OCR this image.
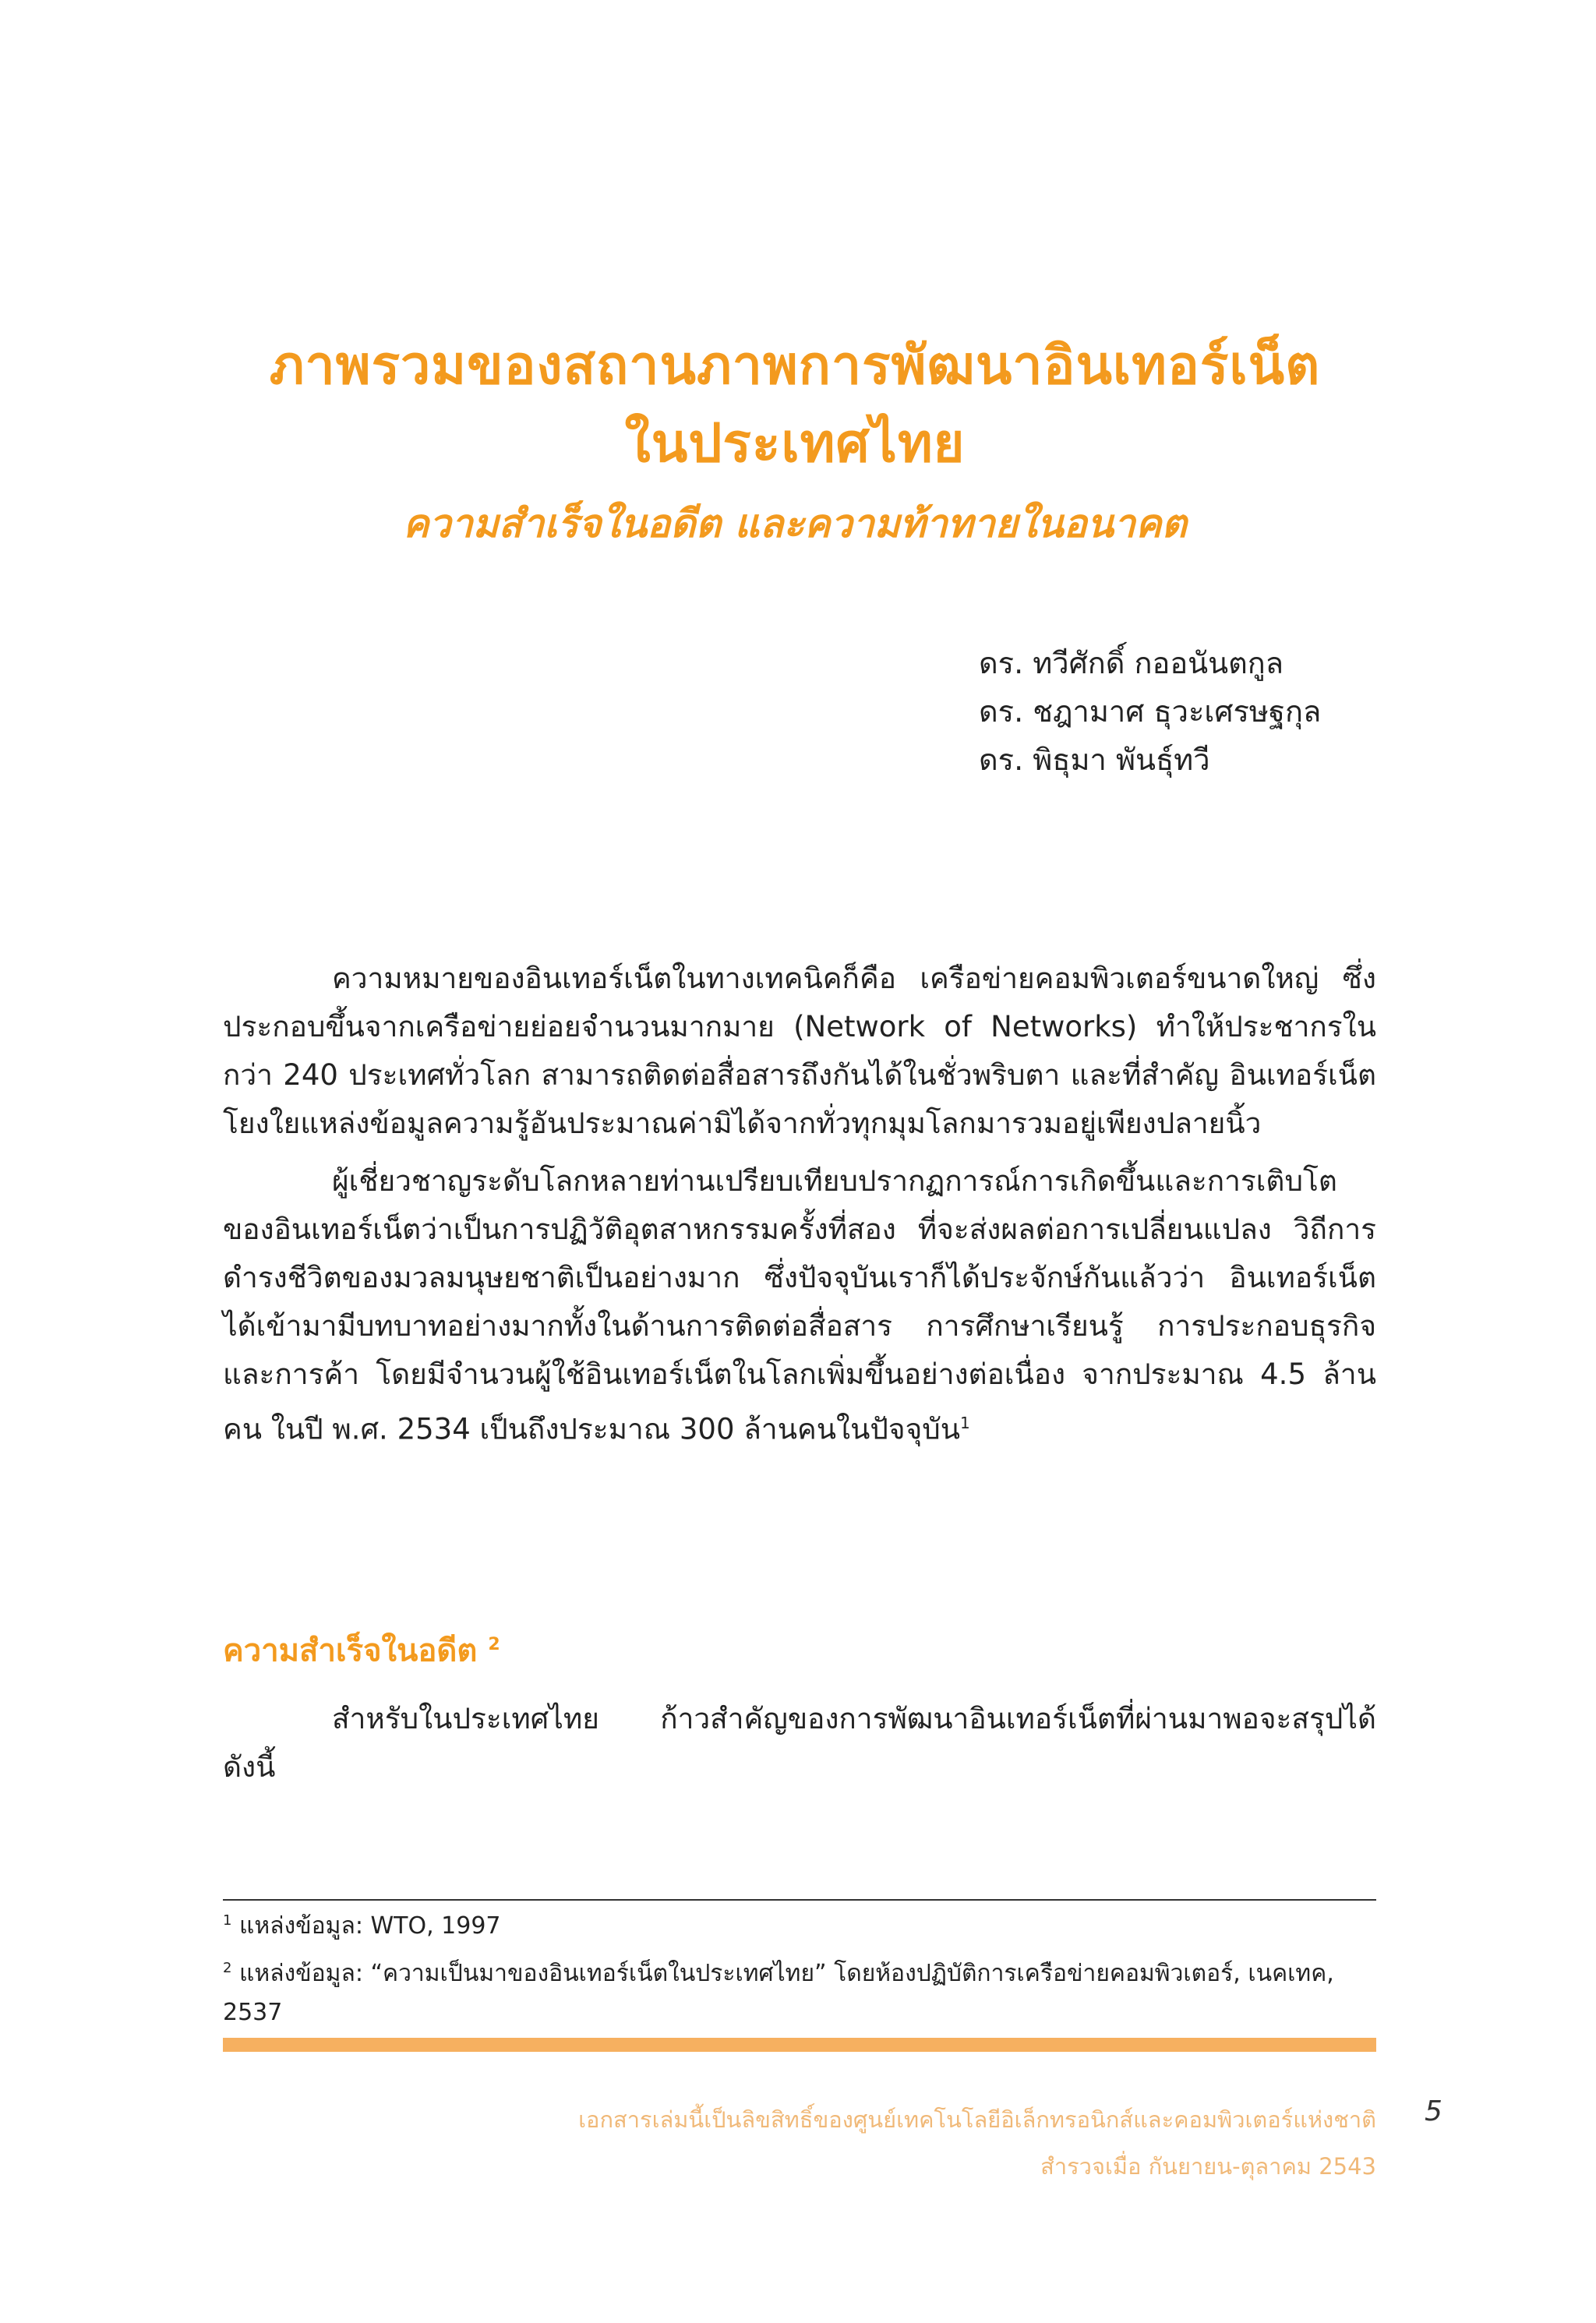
ภาพรวมของสถานภาพการพัฒนาอินเทอร์เน็ต
ในประเทศไทย
ความสำเร็จในอดีต และความท้าทายในอนาคต
ดร. ทวีศักดิ์ กออนันตกูล
ดร. ชฎามาศ ธุวะเศรษฐกุล
ดร. พิธุมา พันธุ์ทวี

ความหมายของอินเทอร์เน็ตในทางเทคนิคก็คือ เครือข่ายคอมพิวเตอร์ขนาดใหญ่ ซึ่งประกอบขึ้นจากเครือข่ายย่อยจำนวนมากมาย (Network of Networks) ทำให้ประชากรในกว่า 240 ประเทศทั่วโลก สามารถติดต่อสื่อสารถึงกันได้ในชั่วพริบตา และที่สำคัญ อินเทอร์เน็ตโยงใยแหล่งข้อมูลความรู้อันประมาณค่ามิได้จากทั่วทุกมุมโลกมารวมอยู่เพียงปลายนิ้ว

ผู้เชี่ยวชาญระดับโลกหลายท่านเปรียบเทียบปรากฏการณ์การเกิดขึ้นและการเติบโต ของอินเทอร์เน็ตว่าเป็นการปฏิวัติอุตสาหกรรมครั้งที่สอง ที่จะส่งผลต่อการเปลี่ยนแปลง วิถีการดำรงชีวิตของมวลมนุษยชาติเป็นอย่างมาก ซึ่งปัจจุบันเราก็ได้ประจักษ์กันแล้วว่า อินเทอร์เน็ต ได้เข้ามามีบทบาทอย่างมากทั้งในด้านการติดต่อสื่อสาร การศึกษาเรียนรู้ การประกอบธุรกิจและการค้า โดยมีจำนวนผู้ใช้อินเทอร์เน็ตในโลกเพิ่มขึ้นอย่างต่อเนื่อง จากประมาณ 4.5 ล้านคน ในปี พ.ศ. 2534 เป็นถึงประมาณ 300 ล้านคนในปัจจุบัน$^1$

ความสำเร็จในอดีต $^2$

สำหรับในประเทศไทย ก้าวสำคัญของการพัฒนาอินเทอร์เน็ตที่ผ่านมาพอจะสรุปได้ ดังนี้

$^1$ แหล่งข้อมูล: WTO, 1997

$^2$ แหล่งข้อมูล: “ความเป็นมาของอินเทอร์เน็ตในประเทศไทย” โดยห้องปฏิบัติการเครือข่ายคอมพิวเตอร์, เนคเทค, 2537

เอกสารเล่มนี้เป็นลิขสิทธิ์ของศูนย์เทคโนโลยีอิเล็กทรอนิกส์และคอมพิวเตอร์แห่งชาติ
สำรวจเมื่อ กันยายน-ตุลาคม 2543
5
